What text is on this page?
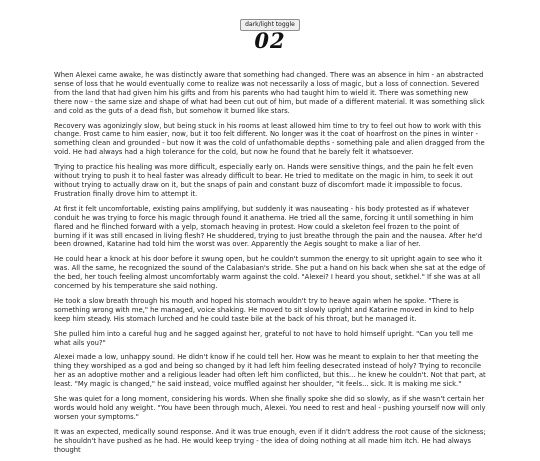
dark/light toggle
02

When Alexei came awake, he was distinctly aware that something had changed. There was an absence in him - an abstracted sense of loss that he would eventually come to realize was not necessarily a loss of magic, but a loss of connection. Severed from the land that had given him his gifts and from his parents who had taught him to wield it. There was something new there now - the same size and shape of what had been cut out of him, but made of a different material. It was something slick and cold as the guts of a dead fish, but somehow it burned like stars.

Recovery was agonizingly slow, but being stuck in his rooms at least allowed him time to try to feel out how to work with this change. Frost came to him easier, now, but it too felt different. No longer was it the coat of hoarfrost on the pines in winter - something clean and grounded - but now it was the cold of unfathomable depths - something pale and alien dragged from the void. He had always had a high tolerance for the cold, but now he found that he barely felt it whatsoever.

Trying to practice his healing was more difficult, especially early on. Hands were sensitive things, and the pain he felt even without trying to push it to heal faster was already difficult to bear. He tried to meditate on the magic in him, to seek it out without trying to actually draw on it, but the snaps of pain and constant buzz of discomfort made it impossible to focus. Frustration finally drove him to attempt it.

At first it felt uncomfortable, existing pains amplifying, but suddenly it was nauseating - his body protested as if whatever conduit he was trying to force his magic through found it anathema. He tried all the same, forcing it until something in him flared and he flinched forward with a yelp, stomach heaving in protest. How could a skeleton feel frozen to the point of burning if it was still encased in living flesh? He shuddered, trying to just breathe through the pain and the nausea. After he'd been drowned, Katarine had told him the worst was over. Apparently the Aegis sought to make a liar of her.

He could hear a knock at his door before it swung open, but he couldn't summon the energy to sit upright again to see who it was. All the same, he recognized the sound of the Calabasian's stride. She put a hand on his back when she sat at the edge of the bed, her touch feeling almost uncomfortably warm against the cold. "Alexei? I heard you shout, setkhel." If she was at all concerned by his temperature she said nothing.

He took a slow breath through his mouth and hoped his stomach wouldn't try to heave again when he spoke. "There is something wrong with me," he managed, voice shaking. He moved to sit slowly upright and Katarine moved in kind to help keep him steady. His stomach lurched and he could taste bile at the back of his throat, but he managed it.

She pulled him into a careful hug and he sagged against her, grateful to not have to hold himself upright. "Can you tell me what ails you?"

Alexei made a low, unhappy sound. He didn't know if he could tell her. How was he meant to explain to her that meeting the thing they worshiped as a god and being so changed by it had left him feeling desecrated instead of holy? Trying to reconcile her as an adoptive mother and a religious leader had often left him conflicted, but this... he knew he couldn't. Not that part, at least. "My magic is changed," he said instead, voice muffled against her shoulder, "it feels... sick. It is making me sick."

She was quiet for a long moment, considering his words. When she finally spoke she did so slowly, as if she wasn't certain her words would hold any weight. "You have been through much, Alexei. You need to rest and heal - pushing yourself now will only worsen your symptoms."

It was an expected, medically sound response. And it was true enough, even if it didn't address the root cause of the sickness; he shouldn't have pushed as he had. He would keep trying - the idea of doing nothing at all made him itch. He had always thought
